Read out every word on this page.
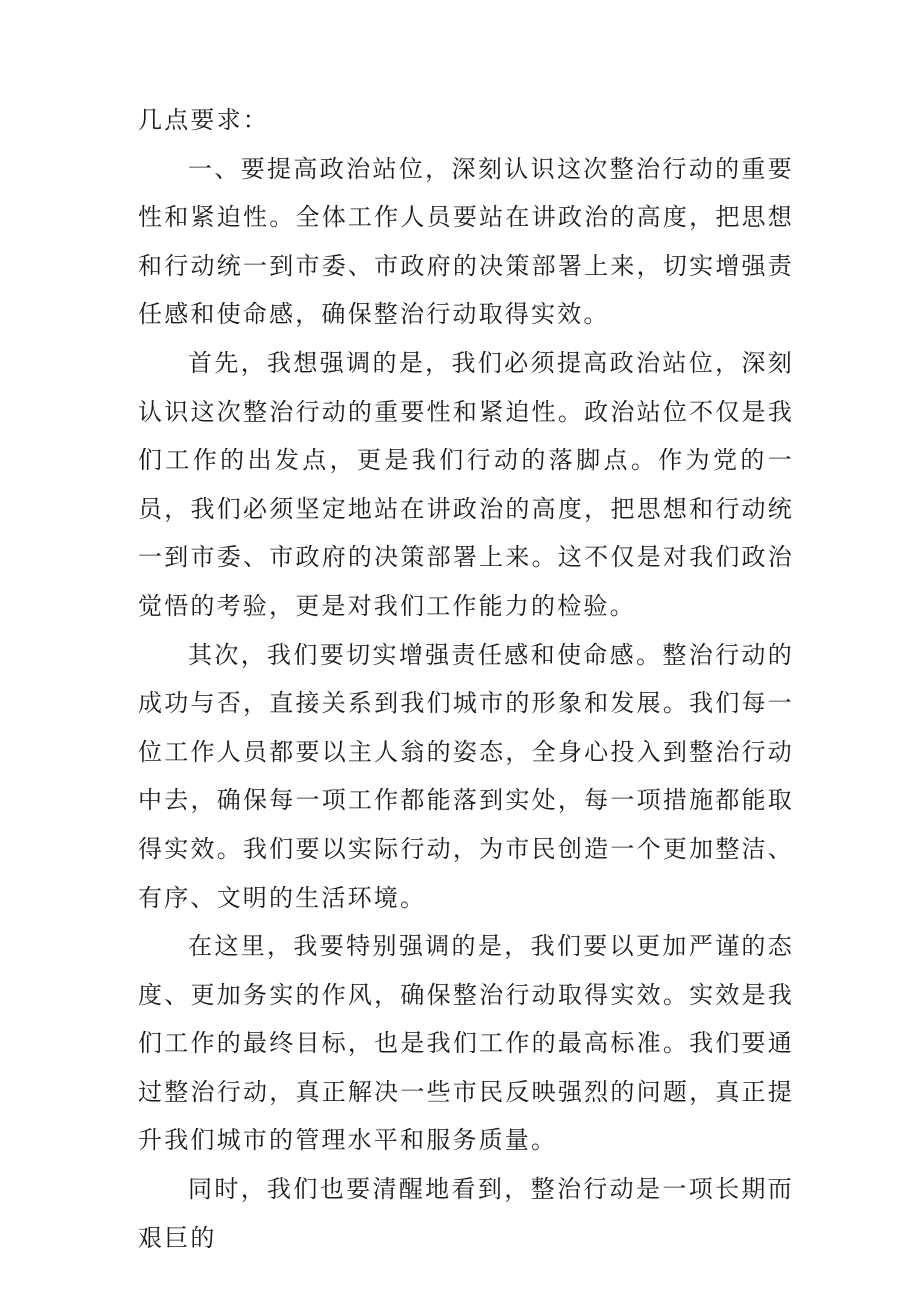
几点要求：

一、要提高政治站位，深刻认识这次整治行动的重要性和紧迫性。全体工作人员要站在讲政治的高度，把思想和行动统一到市委、市政府的决策部署上来，切实增强责任感和使命感，确保整治行动取得实效。

首先，我想强调的是，我们必须提高政治站位，深刻认识这次整治行动的重要性和紧迫性。政治站位不仅是我们工作的出发点，更是我们行动的落脚点。作为党的一员，我们必须坚定地站在讲政治的高度，把思想和行动统一到市委、市政府的决策部署上来。这不仅是对我们政治觉悟的考验，更是对我们工作能力的检验。

其次，我们要切实增强责任感和使命感。整治行动的成功与否，直接关系到我们城市的形象和发展。我们每一位工作人员都要以主人翁的姿态，全身心投入到整治行动中去，确保每一项工作都能落到实处，每一项措施都能取得实效。我们要以实际行动，为市民创造一个更加整洁、有序、文明的生活环境。

在这里，我要特别强调的是，我们要以更加严谨的态度、更加务实的作风，确保整治行动取得实效。实效是我们工作的最终目标，也是我们工作的最高标准。我们要通过整治行动，真正解决一些市民反映强烈的问题，真正提升我们城市的管理水平和服务质量。

同时，我们也要清醒地看到，整治行动是一项长期而艰巨的
